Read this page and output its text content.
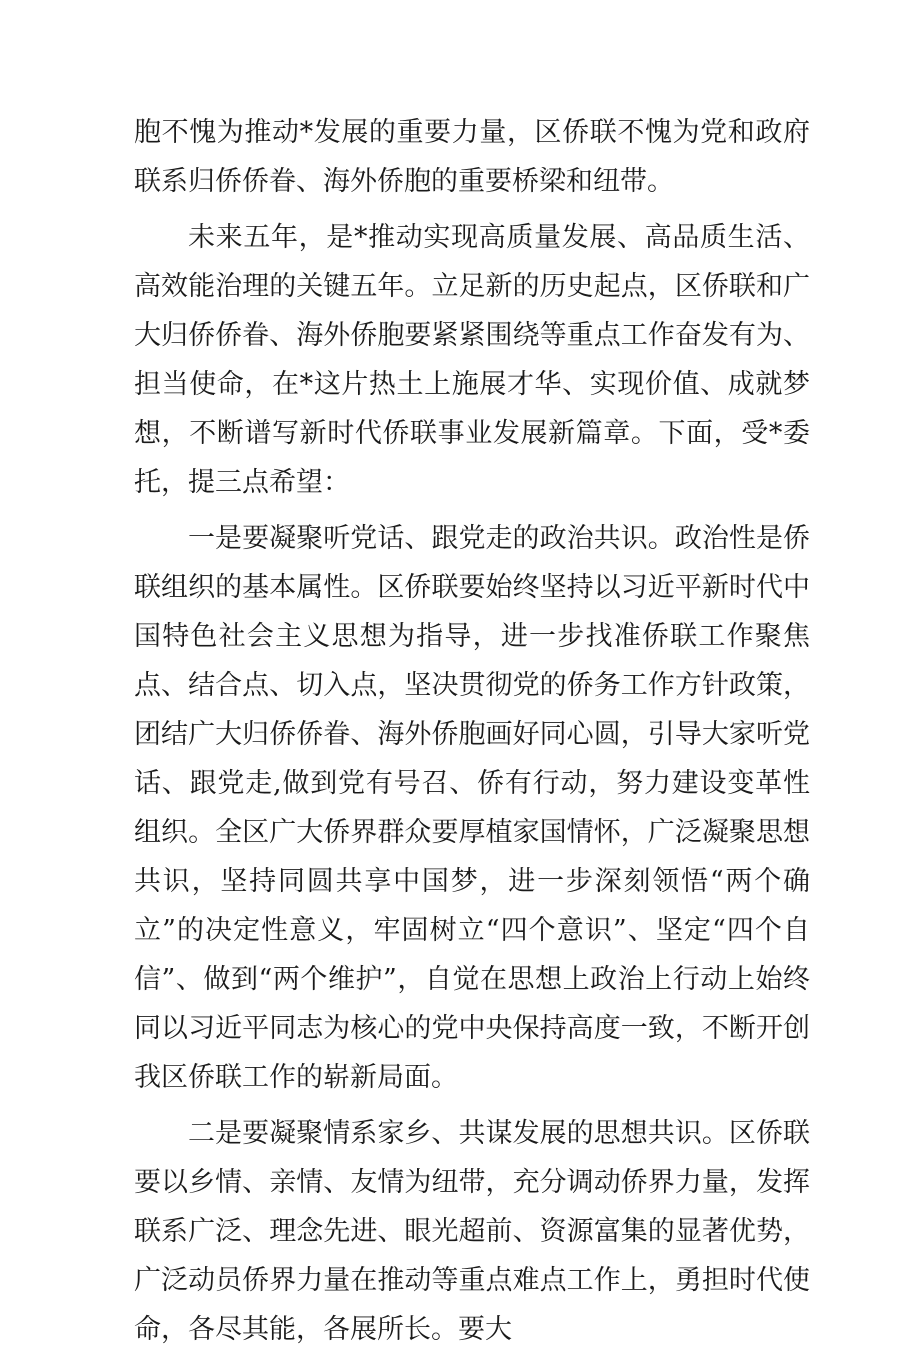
胞不愧为推动*发展的重要力量，区侨联不愧为党和政府联系归侨侨眷、海外侨胞的重要桥梁和纽带。

未来五年，是*推动实现高质量发展、高品质生活、高效能治理的关键五年。立足新的历史起点，区侨联和广大归侨侨眷、海外侨胞要紧紧围绕等重点工作奋发有为、担当使命，在*这片热土上施展才华、实现价值、成就梦想，不断谱写新时代侨联事业发展新篇章。下面，受*委托，提三点希望：

一是要凝聚听党话、跟党走的政治共识。政治性是侨联组织的基本属性。区侨联要始终坚持以习近平新时代中国特色社会主义思想为指导，进一步找准侨联工作聚焦点、结合点、切入点，坚决贯彻党的侨务工作方针政策，团结广大归侨侨眷、海外侨胞画好同心圆，引导大家听党话、跟党走,做到党有号召、侨有行动，努力建设变革性组织。全区广大侨界群众要厚植家国情怀，广泛凝聚思想共识，坚持同圆共享中国梦，进一步深刻领悟“两个确立”的决定性意义，牢固树立“四个意识”、坚定“四个自信”、做到“两个维护”，自觉在思想上政治上行动上始终同以习近平同志为核心的党中央保持高度一致，不断开创我区侨联工作的崭新局面。

二是要凝聚情系家乡、共谋发展的思想共识。区侨联要以乡情、亲情、友情为纽带，充分调动侨界力量，发挥联系广泛、理念先进、眼光超前、资源富集的显著优势，广泛动员侨界力量在推动等重点难点工作上，勇担时代使命，各尽其能，各展所长。要大
